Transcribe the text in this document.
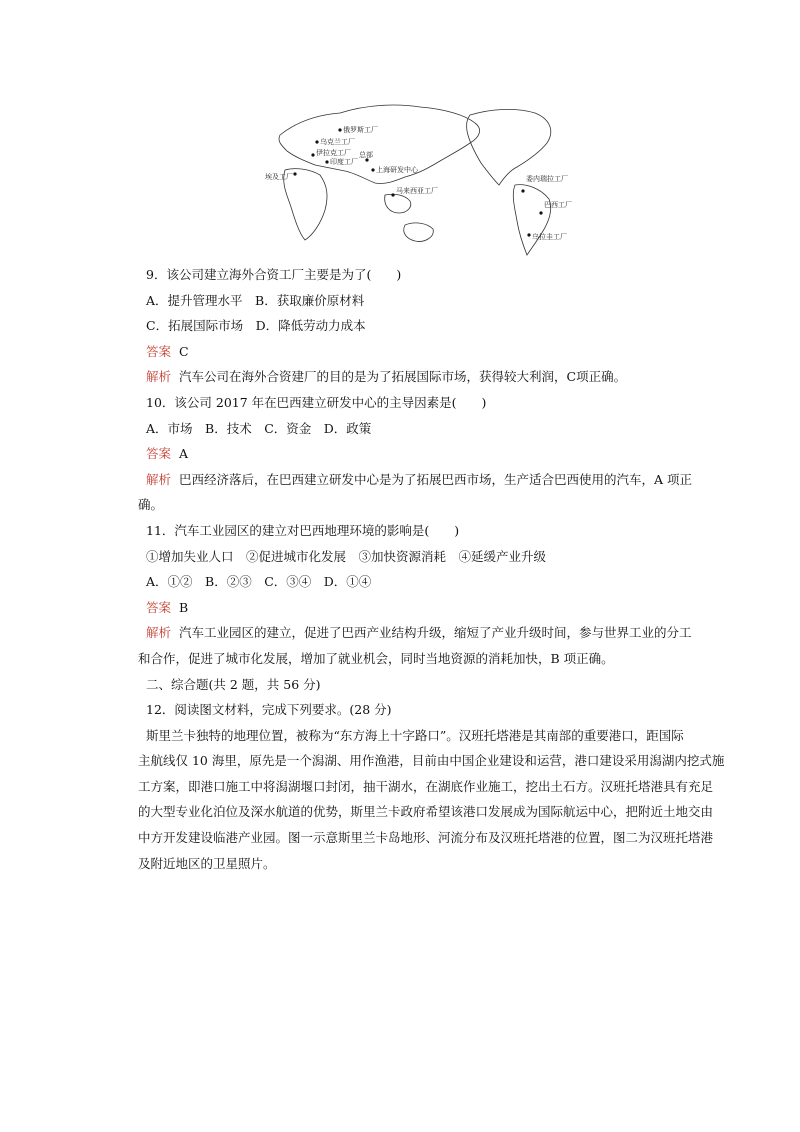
俄罗斯工厂
乌克兰工厂
伊拉克工厂
印度工厂
埃及工厂
总部
上海研发中心
马来西亚工厂
委内瑞拉工厂
巴西工厂
乌拉圭工厂
9．该公司建立海外合资工厂主要是为了(　　)
A．提升管理水平　B．获取廉价原材料
C．拓展国际市场　D．降低劳动力成本
答案 C
解析 汽车公司在海外合资建厂的目的是为了拓展国际市场，获得较大利润，C项正确。
10．该公司 2017 年在巴西建立研发中心的主导因素是(　　)
A．市场　B．技术　C．资金　D．政策
答案 A
解析 巴西经济落后，在巴西建立研发中心是为了拓展巴西市场，生产适合巴西使用的汽车，A 项正
确。
11．汽车工业园区的建立对巴西地理环境的影响是(　　)
①增加失业人口　②促进城市化发展　③加快资源消耗　④延缓产业升级
A．①②　B．②③　C．③④　D．①④
答案 B
解析 汽车工业园区的建立，促进了巴西产业结构升级，缩短了产业升级时间，参与世界工业的分工
和合作，促进了城市化发展，增加了就业机会，同时当地资源的消耗加快，B 项正确。
二、综合题(共 2 题，共 56 分)
12．阅读图文材料，完成下列要求。(28 分)
斯里兰卡独特的地理位置，被称为“东方海上十字路口”。汉班托塔港是其南部的重要港口，距国际
主航线仅 10 海里，原先是一个潟湖、用作渔港，目前由中国企业建设和运营，港口建设采用潟湖内挖式施
工方案，即港口施工中将潟湖堰口封闭，抽干湖水，在湖底作业施工，挖出土石方。汉班托塔港具有充足
的大型专业化泊位及深水航道的优势，斯里兰卡政府希望该港口发展成为国际航运中心，把附近土地交由
中方开发建设临港产业园。图一示意斯里兰卡岛地形、河流分布及汉班托塔港的位置，图二为汉班托塔港
及附近地区的卫星照片。
